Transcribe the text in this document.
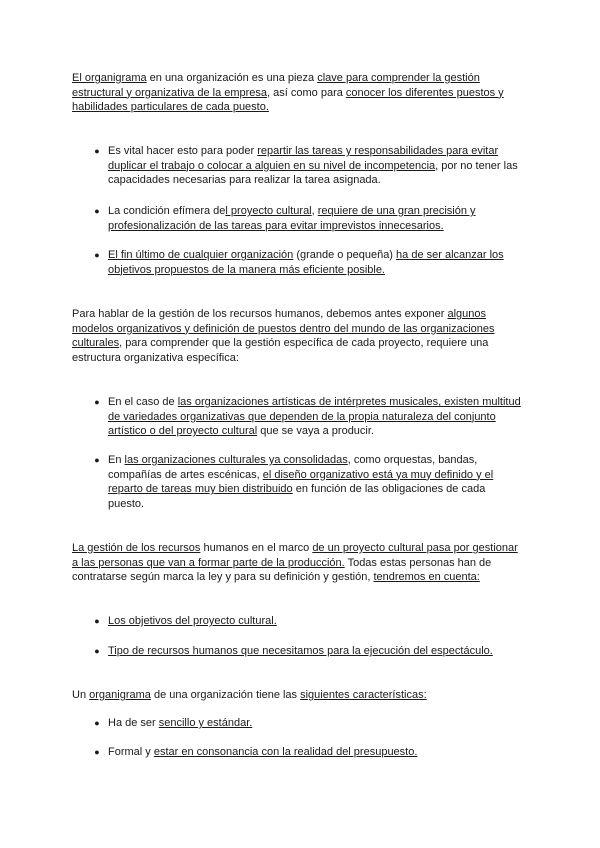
El organigrama en una organización es una pieza clave para comprender la gestión estructural y organizativa de la empresa, así como para conocer los diferentes puestos y habilidades particulares de cada puesto.

● Es vital hacer esto para poder repartir las tareas y responsabilidades para evitar duplicar el trabajo o colocar a alguien en su nivel de incompetencia, por no tener las capacidades necesarias para realizar la tarea asignada.
● La condición efímera del proyecto cultural, requiere de una gran precisión y profesionalización de las tareas para evitar imprevistos innecesarios.
● El fin último de cualquier organización (grande o pequeña) ha de ser alcanzar los objetivos propuestos de la manera más eficiente posible.

Para hablar de la gestión de los recursos humanos, debemos antes exponer algunos modelos organizativos y definición de puestos dentro del mundo de las organizaciones culturales, para comprender que la gestión específica de cada proyecto, requiere una estructura organizativa específica:

● En el caso de las organizaciones artísticas de intérpretes musicales, existen multitud de variedades organizativas que dependen de la propia naturaleza del conjunto artístico o del proyecto cultural que se vaya a producir.
● En las organizaciones culturales ya consolidadas, como orquestas, bandas, compañías de artes escénicas, el diseño organizativo está ya muy definido y el reparto de tareas muy bien distribuido en función de las obligaciones de cada puesto.

La gestión de los recursos humanos en el marco de un proyecto cultural pasa por gestionar a las personas que van a formar parte de la producción. Todas estas personas han de contratarse según marca la ley y para su definición y gestión, tendremos en cuenta:

● Los objetivos del proyecto cultural.
● Tipo de recursos humanos que necesitamos para la ejecución del espectáculo.

Un organigrama de una organización tiene las siguientes características:

● Ha de ser sencillo y estándar.
● Formal y estar en consonancia con la realidad del presupuesto.
